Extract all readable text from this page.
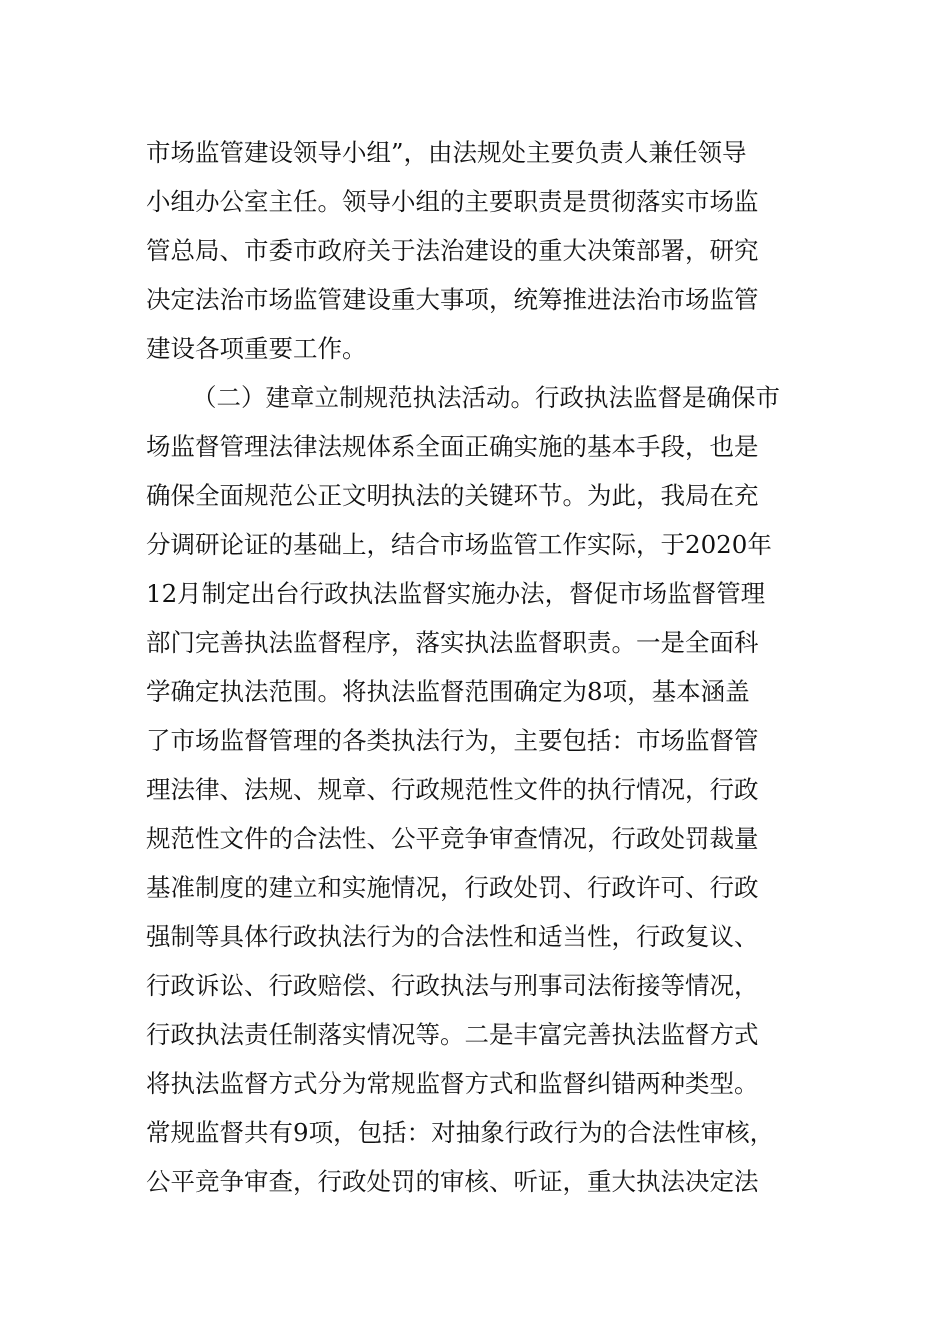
市场监管建设领导小组”，由法规处主要负责人兼任领导
小组办公室主任。领导小组的主要职责是贯彻落实市场监
管总局、市委市政府关于法治建设的重大决策部署，研究
决定法治市场监管建设重大事项，统筹推进法治市场监管
建设各项重要工作。
（二）建章立制规范执法活动。行政执法监督是确保市
场监督管理法律法规体系全面正确实施的基本手段，也是
确保全面规范公正文明执法的关键环节。为此，我局在充
分调研论证的基础上，结合市场监管工作实际，于2020年
12月制定出台行政执法监督实施办法，督促市场监督管理
部门完善执法监督程序，落实执法监督职责。一是全面科
学确定执法范围。将执法监督范围确定为8项，基本涵盖
了市场监督管理的各类执法行为，主要包括：市场监督管
理法律、法规、规章、行政规范性文件的执行情况，行政
规范性文件的合法性、公平竞争审查情况，行政处罚裁量
基准制度的建立和实施情况，行政处罚、行政许可、行政
强制等具体行政执法行为的合法性和适当性，行政复议、
行政诉讼、行政赔偿、行政执法与刑事司法衔接等情况，
行政执法责任制落实情况等。二是丰富完善执法监督方式
将执法监督方式分为常规监督方式和监督纠错两种类型。
常规监督共有9项，包括：对抽象行政行为的合法性审核，
公平竞争审查，行政处罚的审核、听证，重大执法决定法
